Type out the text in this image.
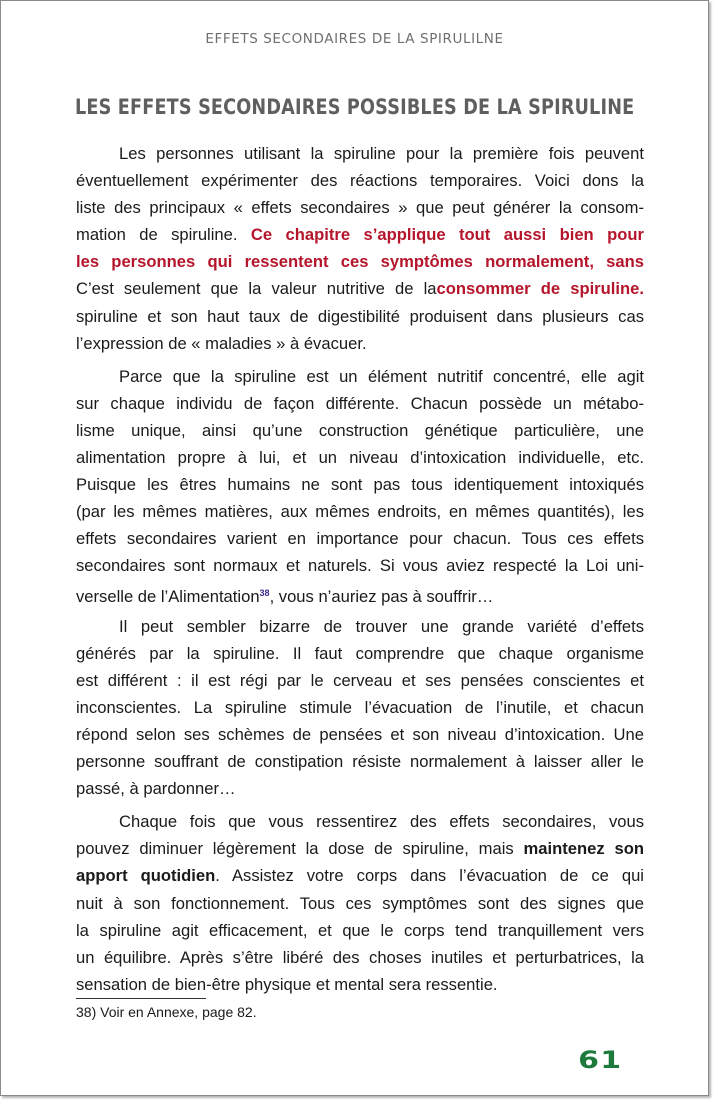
EFFETS SECONDAIRES DE LA SPIRULILNE
LES EFFETS SECONDAIRES POSSIBLES DE LA SPIRULINE
Les personnes utilisant la spiruline pour la première fois peuvent
éventuellement expérimenter des réactions temporaires. Voici dons la
liste des principaux « effets secondaires » que peut générer la consom-
mation de spiruline. Ce chapitre s’applique tout aussi bien pour
les personnes qui ressentent ces symptômes normalement, sans
C’est seulement que la valeur nutritive de laconsommer de spiruline.
spiruline et son haut taux de digestibilité produisent dans plusieurs cas
l’expression de « maladies » à évacuer.
Parce que la spiruline est un élément nutritif concentré, elle agit
sur chaque individu de façon différente. Chacun possède un métabo-
lisme unique, ainsi qu’une construction génétique particulière, une
alimentation propre à lui, et un niveau d’intoxication individuelle, etc.
Puisque les êtres humains ne sont pas tous identiquement intoxiqués
(par les mêmes matières, aux mêmes endroits, en mêmes quantités), les
effets secondaires varient en importance pour chacun. Tous ces effets
secondaires sont normaux et naturels. Si vous aviez respecté la Loi uni-
verselle de l’Alimentation$^{38}$, vous n’auriez pas à souffrir…
Il peut sembler bizarre de trouver une grande variété d’effets
générés par la spiruline. Il faut comprendre que chaque organisme
est différent : il est régi par le cerveau et ses pensées conscientes et
inconscientes. La spiruline stimule l’évacuation de l’inutile, et chacun
répond selon ses schèmes de pensées et son niveau d’intoxication. Une
personne souffrant de constipation résiste normalement à laisser aller le
passé, à pardonner…
Chaque fois que vous ressentirez des effets secondaires, vous
pouvez diminuer légèrement la dose de spiruline, mais maintenez son
apport quotidien. Assistez votre corps dans l’évacuation de ce qui
nuit à son fonctionnement. Tous ces symptômes sont des signes que
la spiruline agit efficacement, et que le corps tend tranquillement vers
un équilibre. Après s’être libéré des choses inutiles et perturbatrices, la
sensation de bien-être physique et mental sera ressentie.
38) Voir en Annexe, page 82.
61
